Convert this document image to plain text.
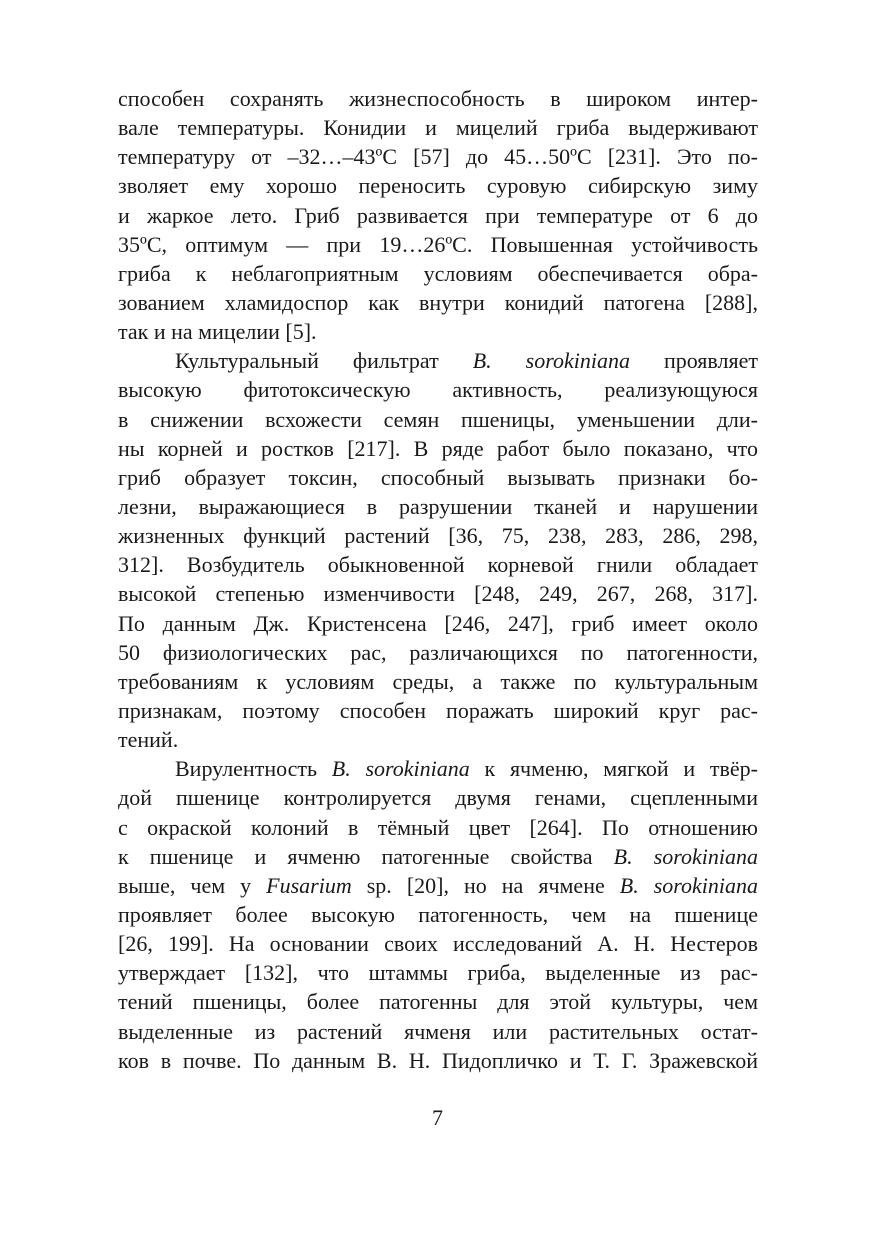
способен сохранять жизнеспособность в широком интер-
вале температуры. Конидии и мицелий гриба выдерживают
температуру от –32…–43ºС [57] до 45…50ºС [231]. Это по-
зволяет ему хорошо переносить суровую сибирскую зиму
и жаркое лето. Гриб развивается при температуре от 6 до
35ºС, оптимум — при 19…26ºС. Повышенная устойчивость
гриба к неблагоприятным условиям обеспечивается обра-
зованием хламидоспор как внутри конидий патогена [288],
так и на мицелии [5].
Культуральный фильтрат B. sorokiniana проявляет
высокую фитотоксическую активность, реализующуюся
в снижении всхожести семян пшеницы, уменьшении дли-
ны корней и ростков [217]. В ряде работ было показано, что
гриб образует токсин, способный вызывать признаки бо-
лезни, выражающиеся в разрушении тканей и нарушении
жизненных функций растений [36, 75, 238, 283, 286, 298,
312]. Возбудитель обыкновенной корневой гнили обладает
высокой степенью изменчивости [248, 249, 267, 268, 317].
По данным Дж. Кристенсена [246, 247], гриб имеет около
50 физиологических рас, различающихся по патогенности,
требованиям к условиям среды, а также по культуральным
признакам, поэтому способен поражать широкий круг рас-
тений.
Вирулентность B. sorokiniana к ячменю, мягкой и твёр-
дой пшенице контролируется двумя генами, сцепленными
с окраской колоний в тёмный цвет [264]. По отношению
к пшенице и ячменю патогенные свойства B. sorokiniana
выше, чем у Fusarium sp. [20], но на ячмене B. sorokiniana
проявляет более высокую патогенность, чем на пшенице
[26, 199]. На основании своих исследований А. Н. Нестеров
утверждает [132], что штаммы гриба, выделенные из рас-
тений пшеницы, более патогенны для этой культуры, чем
выделенные из растений ячменя или растительных остат-
ков в почве. По данным В. Н. Пидопличко и Т. Г. Зражевской
7
